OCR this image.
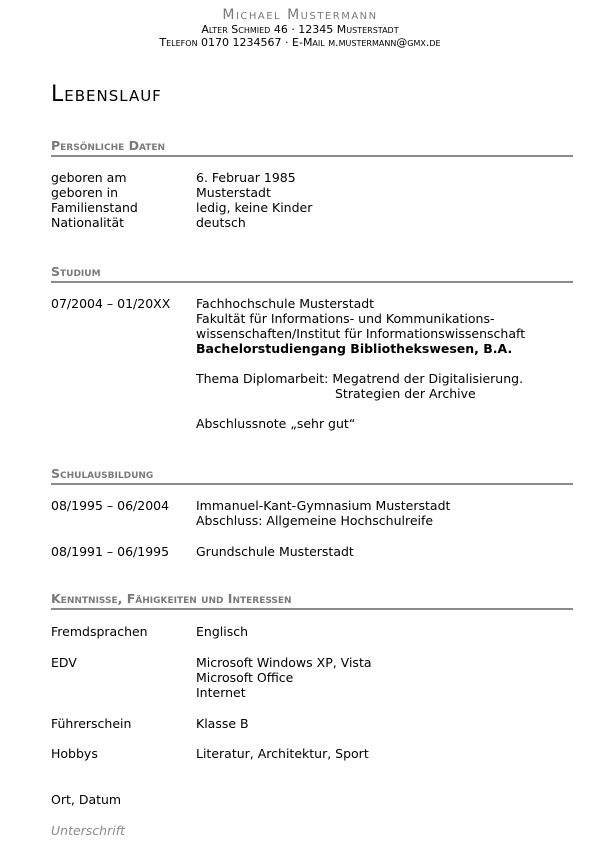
Michael Mustermann
Alter Schmied 46 · 12345 Musterstadt
Telefon 0170 1234567 · E-Mail m.mustermann@gmx.de
Lebenslauf
Persönliche Daten
geboren am	6. Februar 1985
geboren in	Musterstadt
Familienstand	ledig, keine Kinder
Nationalität	deutsch
Studium
07/2004 – 01/20XX Fachhochschule Musterstadt
Fakultät für Informations- und Kommunikations-
wissenschaften/Institut für Informationswissenschaft
Bachelorstudiengang Bibliothekswesen, B.A.
Thema Diplomarbeit: Megatrend der Digitalisierung.
Strategien der Archive
Abschlussnote „sehr gut“
Schulausbildung
08/1995 – 06/2004 Immanuel-Kant-Gymnasium Musterstadt
Abschluss: Allgemeine Hochschulreife
08/1991 – 06/1995 Grundschule Musterstadt
Kenntnisse, Fähigkeiten und Interessen
Fremdsprachen	Englisch
EDV	Microsoft Windows XP, Vista
Microsoft Office
Internet
Führerschein	Klasse B
Hobbys	Literatur, Architektur, Sport
Ort, Datum
Unterschrift
